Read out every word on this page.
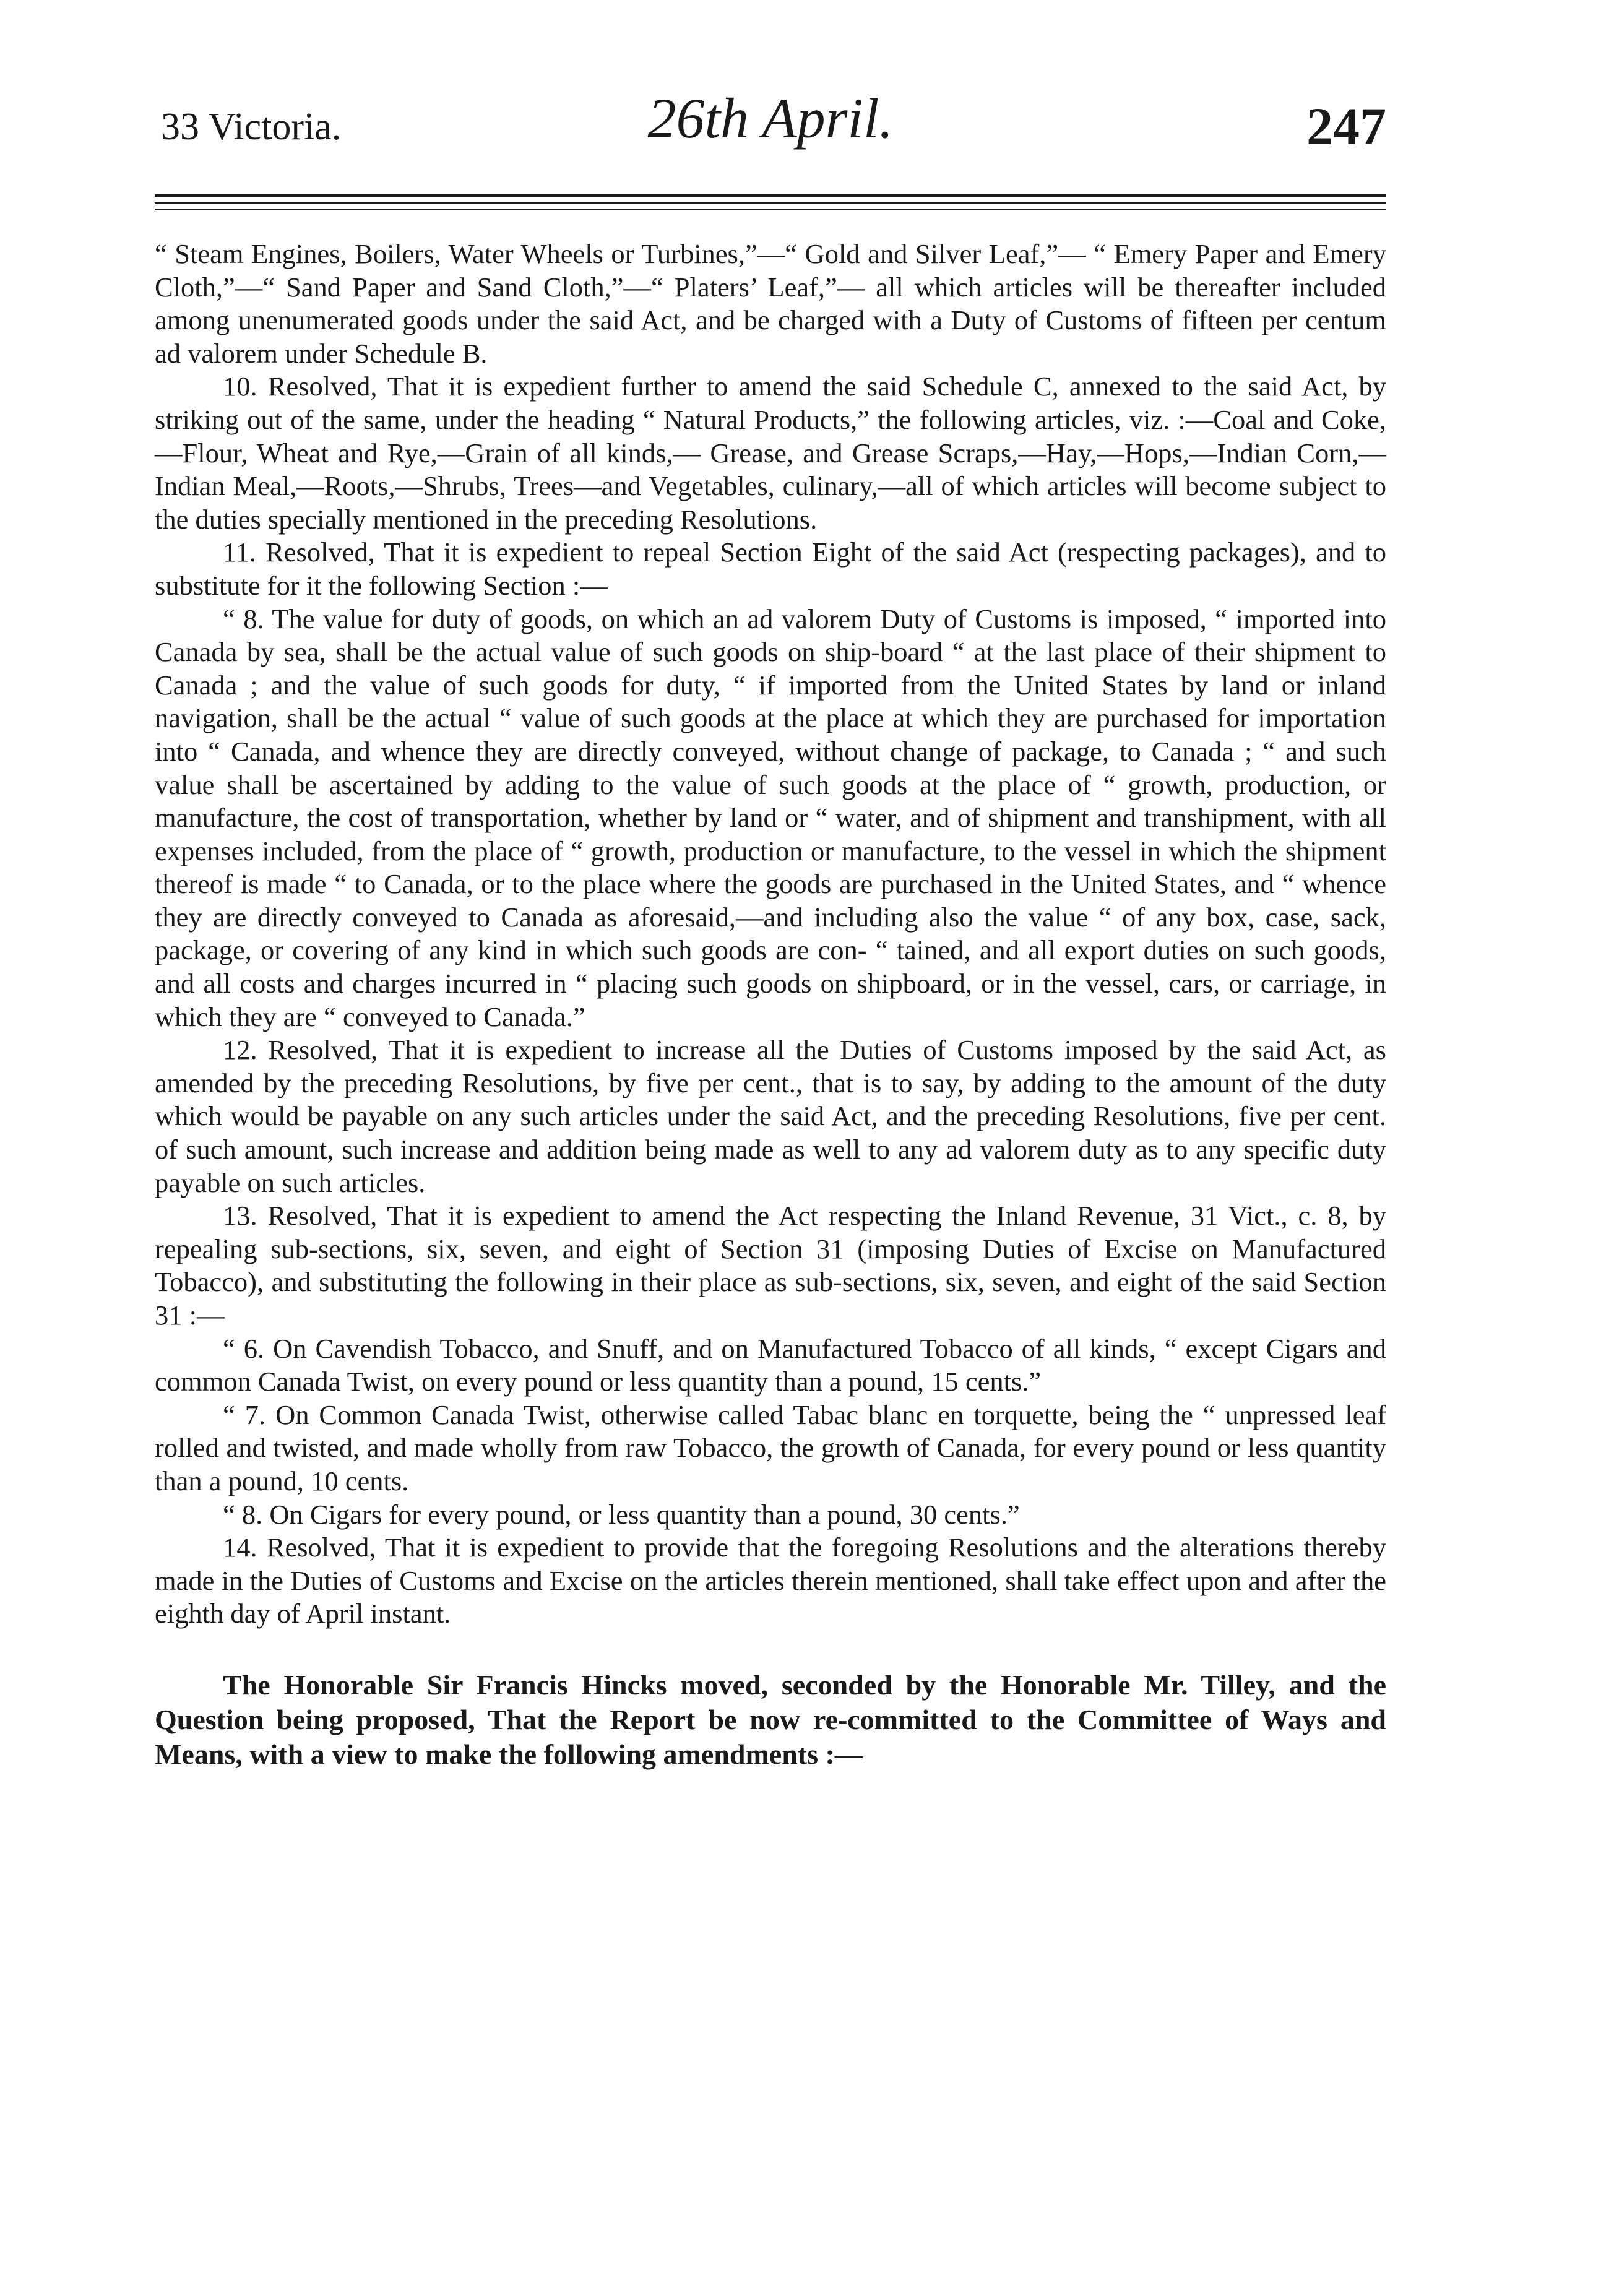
33 Victoria.	26th April.	247

“ Steam Engines, Boilers, Water Wheels or Turbines,”—“ Gold and Silver Leaf,”— “ Emery Paper and Emery Cloth,”—“ Sand Paper and Sand Cloth,”—“ Platers’ Leaf,”— all which articles will be thereafter included among unenumerated goods under the said Act, and be charged with a Duty of Customs of fifteen per centum ad valorem under Schedule B.

10. Resolved, That it is expedient further to amend the said Schedule C, annexed to the said Act, by striking out of the same, under the heading “ Natural Products,” the following articles, viz. :—Coal and Coke,—Flour, Wheat and Rye,—Grain of all kinds,— Grease, and Grease Scraps,—Hay,—Hops,—Indian Corn,—Indian Meal,—Roots,—Shrubs, Trees—and Vegetables, culinary,—all of which articles will become subject to the duties specially mentioned in the preceding Resolutions.

11. Resolved, That it is expedient to repeal Section Eight of the said Act (respecting packages), and to substitute for it the following Section :—

“ 8. The value for duty of goods, on which an ad valorem Duty of Customs is imposed, “ imported into Canada by sea, shall be the actual value of such goods on ship-board “ at the last place of their shipment to Canada ; and the value of such goods for duty, “ if imported from the United States by land or inland navigation, shall be the actual “ value of such goods at the place at which they are purchased for importation into “ Canada, and whence they are directly conveyed, without change of package, to Canada ; “ and such value shall be ascertained by adding to the value of such goods at the place of “ growth, production, or manufacture, the cost of transportation, whether by land or “ water, and of shipment and transhipment, with all expenses included, from the place of “ growth, production or manufacture, to the vessel in which the shipment thereof is made “ to Canada, or to the place where the goods are purchased in the United States, and “ whence they are directly conveyed to Canada as aforesaid,—and including also the value “ of any box, case, sack, package, or covering of any kind in which such goods are con- “ tained, and all export duties on such goods, and all costs and charges incurred in “ placing such goods on shipboard, or in the vessel, cars, or carriage, in which they are “ conveyed to Canada.”

12. Resolved, That it is expedient to increase all the Duties of Customs imposed by the said Act, as amended by the preceding Resolutions, by five per cent., that is to say, by adding to the amount of the duty which would be payable on any such articles under the said Act, and the preceding Resolutions, five per cent. of such amount, such increase and addition being made as well to any ad valorem duty as to any specific duty payable on such articles.

13. Resolved, That it is expedient to amend the Act respecting the Inland Revenue, 31 Vict., c. 8, by repealing sub-sections, six, seven, and eight of Section 31 (imposing Duties of Excise on Manufactured Tobacco), and substituting the following in their place as sub-sections, six, seven, and eight of the said Section 31 :—

“ 6. On Cavendish Tobacco, and Snuff, and on Manufactured Tobacco of all kinds, “ except Cigars and common Canada Twist, on every pound or less quantity than a pound, 15 cents.”

“ 7. On Common Canada Twist, otherwise called Tabac blanc en torquette, being the “ unpressed leaf rolled and twisted, and made wholly from raw Tobacco, the growth of Canada, for every pound or less quantity than a pound, 10 cents.

“ 8. On Cigars for every pound, or less quantity than a pound, 30 cents.”

14. Resolved, That it is expedient to provide that the foregoing Resolutions and the alterations thereby made in the Duties of Customs and Excise on the articles therein mentioned, shall take effect upon and after the eighth day of April instant.

The Honorable Sir Francis Hincks moved, seconded by the Honorable Mr. Tilley, and the Question being proposed, That the Report be now re-committed to the Committee of Ways and Means, with a view to make the following amendments :—
